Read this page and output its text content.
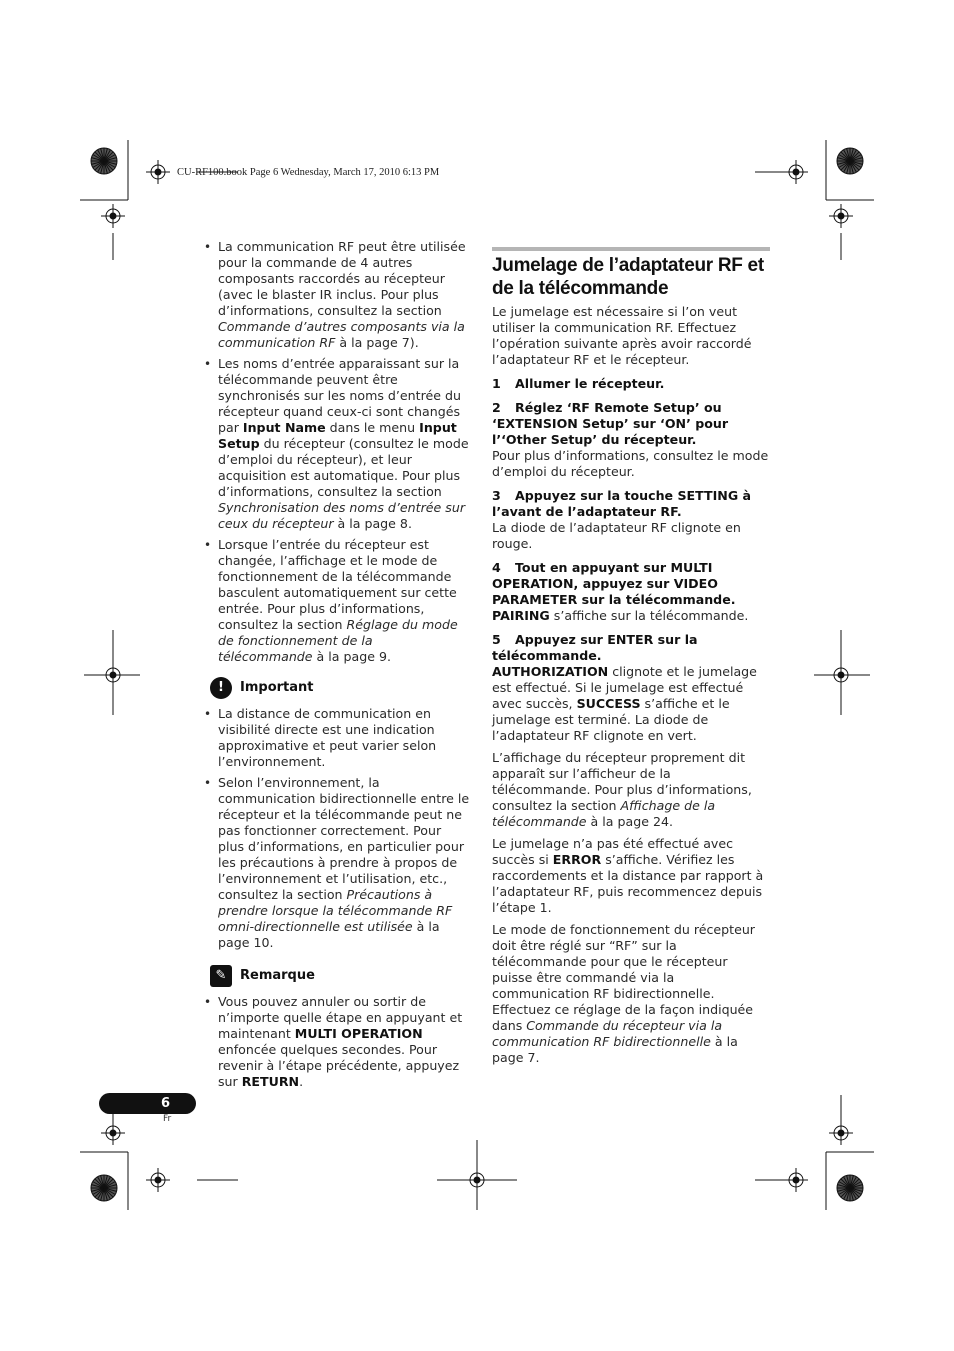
CU-RF100.book Page 6 Wednesday, March 17, 2010 6:13 PM
• La communication RF peut être utilisée pour la commande de 4 autres composants raccordés au récepteur (avec le blaster IR inclus. Pour plus d’informations, consultez la section Commande d’autres composants via la communication RF à la page 7).
• Les noms d’entrée apparaissant sur la télécommande peuvent être synchronisés sur les noms d’entrée du récepteur quand ceux-ci sont changés par Input Name dans le menu Input Setup du récepteur (consultez le mode d’emploi du récepteur), et leur acquisition est automatique. Pour plus d’informations, consultez la section Synchronisation des noms d’entrée sur ceux du récepteur à la page 8.
• Lorsque l’entrée du récepteur est changée, l’affichage et le mode de fonctionnement de la télécommande basculent automatiquement sur cette entrée. Pour plus d’informations, consultez la section Réglage du mode de fonctionnement de la télécommande à la page 9.
!	Important
• La distance de communication en visibilité directe est une indication approximative et peut varier selon l’environnement.
• Selon l’environnement, la communication bidirectionnelle entre le récepteur et la télécommande peut ne pas fonctionner correctement. Pour plus d’informations, en particulier pour les précautions à prendre à propos de l’environnement et l’utilisation, etc., consultez la section Précautions à prendre lorsque la télécommande RF omni-directionnelle est utilisée à la page 10.
✎	Remarque
• Vous pouvez annuler ou sortir de n’importe quelle étape en appuyant et maintenant MULTI OPERATION enfoncée quelques secondes. Pour revenir à l’étape précédente, appuyez sur RETURN.
Jumelage de l’adaptateur RF et de la télécommande

Le jumelage est nécessaire si l’on veut utiliser la communication RF. Effectuez l’opération suivante après avoir raccordé l’adaptateur RF et le récepteur.

1 Allumer le récepteur.
2 Réglez ‘RF Remote Setup’ ou ‘EXTENSION Setup’ sur ‘ON’ pour l’‘Other Setup’ du récepteur.

Pour plus d’informations, consultez le mode d’emploi du récepteur.

3 Appuyez sur la touche SETTING à l’avant de l’adaptateur RF.

La diode de l’adaptateur RF clignote en rouge.

4 Tout en appuyant sur MULTI OPERATION, appuyez sur VIDEO PARAMETER sur la télécommande.

PAIRING s’affiche sur la télécommande.

5 Appuyez sur ENTER sur la télécommande.

AUTHORIZATION clignote et le jumelage est effectué. Si le jumelage est effectué avec succès, SUCCESS s’affiche et le jumelage est terminé. La diode de l’adaptateur RF clignote en vert.

L’affichage du récepteur proprement dit apparaît sur l’afficheur de la télécommande. Pour plus d’informations, consultez la section Affichage de la télécommande à la page 24.

Le jumelage n’a pas été effectué avec succès si ERROR s’affiche. Vérifiez les raccordements et la distance par rapport à l’adaptateur RF, puis recommencez depuis l’étape 1.

Le mode de fonctionnement du récepteur doit être réglé sur “RF” sur la télécommande pour que le récepteur puisse être commandé via la communication RF bidirectionnelle. Effectuez ce réglage de la façon indiquée dans Commande du récepteur via la communication RF bidirectionnelle à la page 7.

6
Fr
